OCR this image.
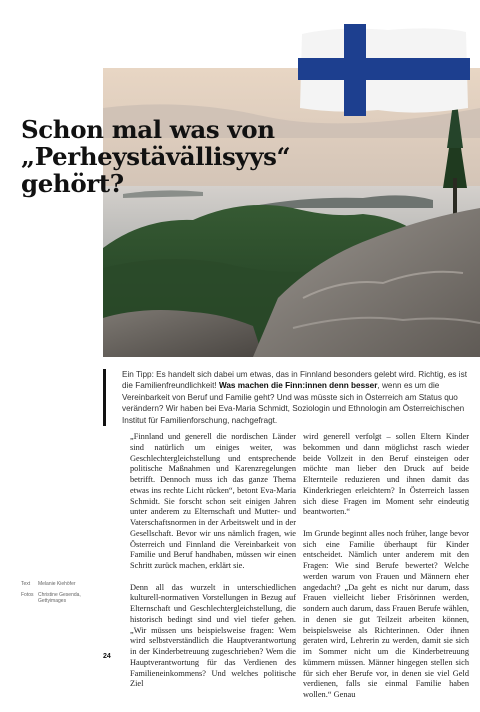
Schon mal was von
„Perheystävällisyys“
gehört?
Ein Tipp: Es handelt sich dabei um etwas, das in Finnland besonders gelebt wird. Richtig, es ist die Familienfreundlichkeit! Was machen die Finn:innen denn besser, wenn es um die Vereinbarkeit von Beruf und Familie geht? Und was müsste sich in Österreich am Status quo verändern? Wir haben bei Eva-Maria Schmidt, Soziologin und Ethnologin am Österreichischen Institut für Familienforschung, nachgefragt.

„Finnland und generell die nordischen Länder sind natürlich um einiges weiter, was Geschlechtergleichstellung und entsprechende politische Maßnahmen und Karenzregelungen betrifft. Dennoch muss ich das ganze Thema etwas ins rechte Licht rücken“, betont Eva-Maria Schmidt. Sie forscht schon seit einigen Jahren unter anderem zu Elternschaft und Mutter- und Vaterschaftsnormen in der Arbeitswelt und in der Gesellschaft. Bevor wir uns nämlich fragen, wie Österreich und Finnland die Vereinbarkeit von Familie und Beruf handhaben, müssen wir einen Schritt zurück machen, erklärt sie.

Denn all das wurzelt in unterschiedlichen kulturell-normativen Vorstellungen in Bezug auf Elternschaft und Geschlechtergleichstellung, die historisch bedingt sind und viel tiefer gehen. „Wir müssen uns beispielsweise fragen: Wem wird selbstverständlich die Hauptverantwortung in der Kinderbetreuung zugeschrieben? Wem die Hauptverantwortung für das Verdienen des Familieneinkommens? Und welches politische Ziel

wird generell verfolgt – sollen Eltern Kinder bekommen und dann möglichst rasch wieder beide Vollzeit in den Beruf einsteigen oder möchte man lieber den Druck auf beide Elternteile reduzieren und ihnen damit das Kinderkriegen erleichtern? In Österreich lassen sich diese Fragen im Moment sehr eindeutig beantworten.“

Im Grunde beginnt alles noch früher, lange bevor sich eine Familie überhaupt für Kinder entscheidet. Nämlich unter anderem mit den Fragen: Wie sind Berufe bewertet? Welche werden warum von Frauen und Männern eher angedacht? „Da geht es nicht nur darum, dass Frauen vielleicht lieber Frisörinnen werden, sondern auch darum, dass Frauen Berufe wählen, in denen sie gut Teilzeit arbeiten können, beispielsweise als Richterinnen. Oder ihnen geraten wird, Lehrerin zu werden, damit sie sich im Sommer nicht um die Kinderbetreuung kümmern müssen. Männer hingegen stellen sich für sich eher Berufe vor, in denen sie viel Geld verdienen, falls sie einmal Familie haben wollen.“ Genau

Text	Melanie Kiehöfer
Fotos Christine Gesenda, Gettyimages
24
